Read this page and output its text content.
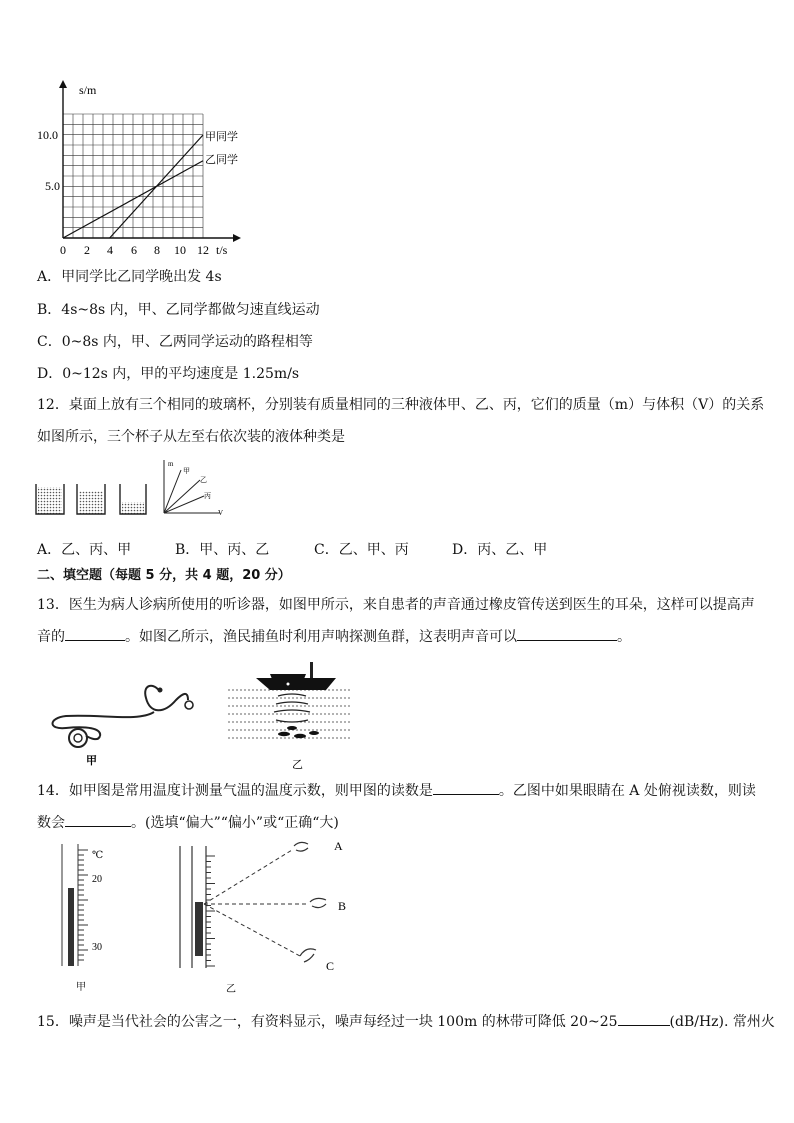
s/m
t/s
10.0
5.0
0 2 4 6 8 10 12
甲同学
乙同学
A．甲同学比乙同学晚出发 4s
B．4s~8s 内，甲、乙同学都做匀速直线运动
C．0~8s 内，甲、乙两同学运动的路程相等
D．0~12s 内，甲的平均速度是 1.25m/s
12．桌面上放有三个相同的玻璃杯，分别装有质量相同的三种液体甲、乙、丙，它们的质量（m）与体积（V）的关系
如图所示，三个杯子从左至右依次装的液体种类是
m
甲
乙
丙
V
A．乙、丙、甲	B．甲、丙、乙	C．乙、甲、丙	D．丙、乙、甲
二、填空题（每题 5 分，共 4 题，20 分）
13．医生为病人诊病所使用的听诊器，如图甲所示，来自患者的声音通过橡皮管传送到医生的耳朵，这样可以提高声
音的	。如图乙所示，渔民捕鱼时利用声呐探测鱼群，这表明声音可以	。
甲	乙
14．如甲图是常用温度计测量气温的温度示数，则甲图的读数是	。乙图中如果眼睛在 A 处俯视读数，则读
数会	。(选填“偏大”“偏小”或“正确“大)
℃
20
30
甲
A
B
C
乙
15．噪声是当代社会的公害之一，有资料显示，噪声每经过一块 100m 的林带可降低 20~25	(dB/Hz). 常州火
